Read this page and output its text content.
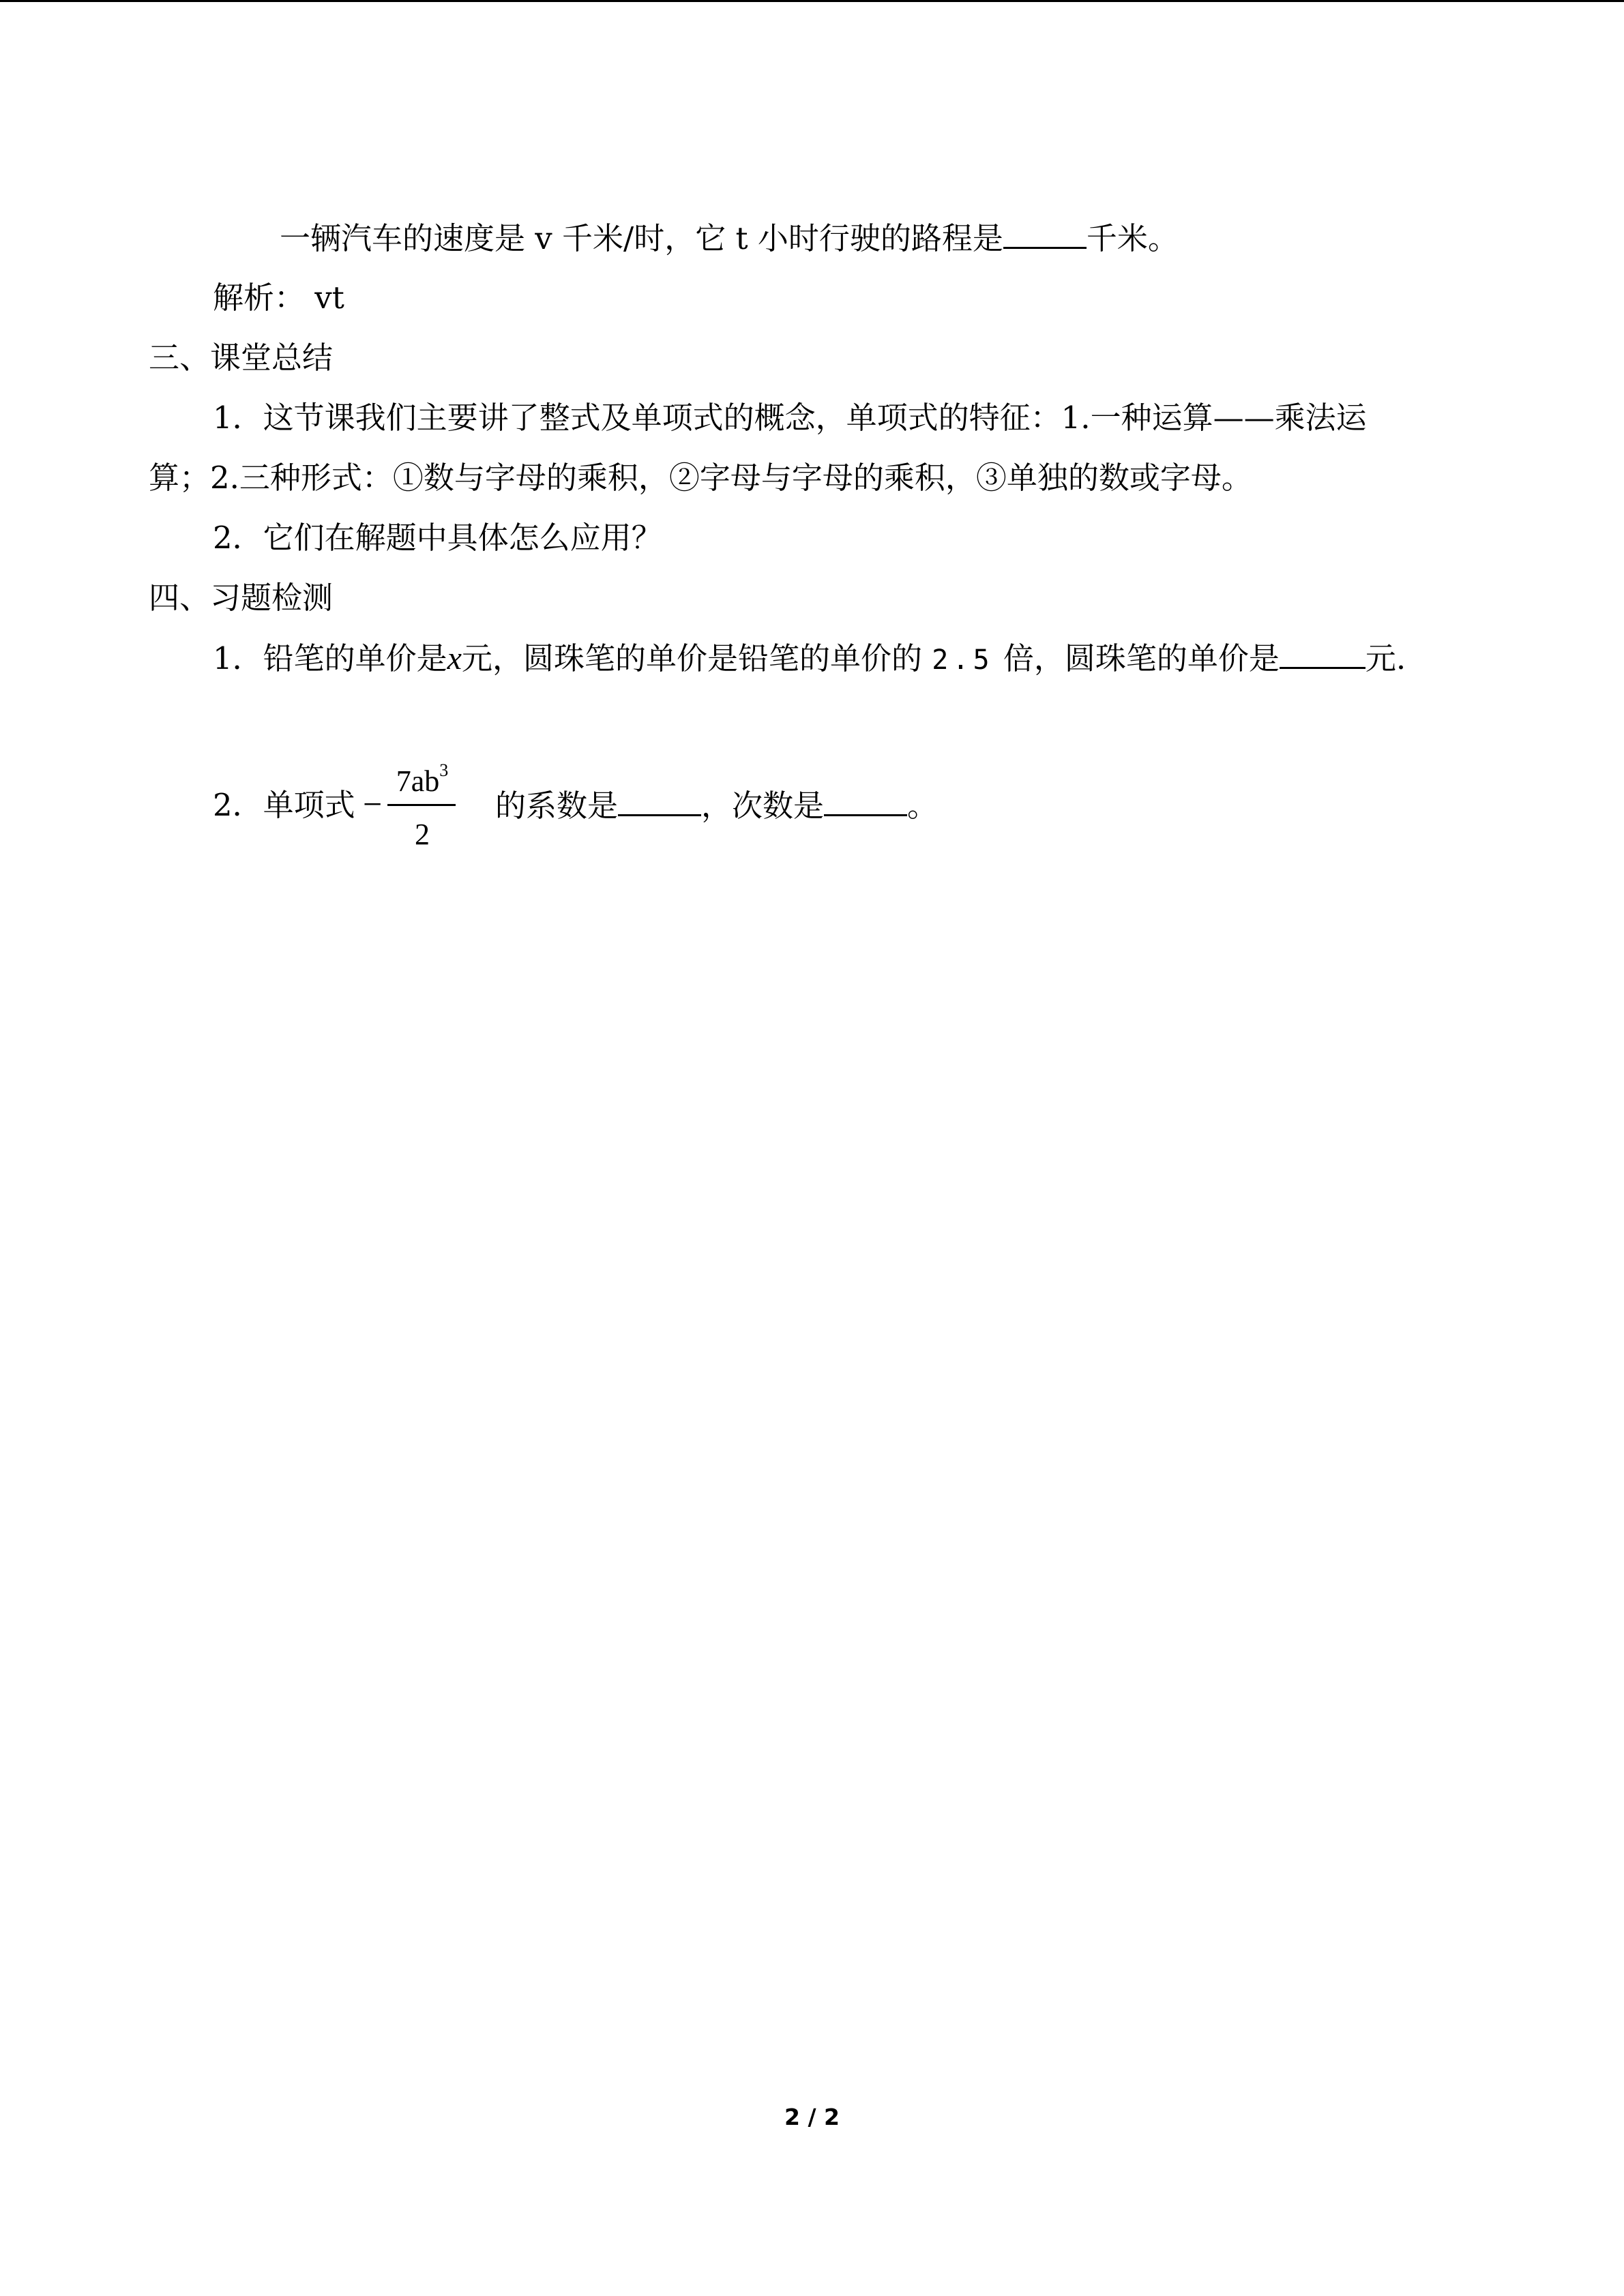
一辆汽车的速度是 v 千米/时，它 t 小时行驶的路程是	千米。
解析： vt
三、课堂总结
1．这节课我们主要讲了整式及单项式的概念，单项式的特征：1.一种运算——乘法运
算；2.三种形式：①数与字母的乘积，②字母与字母的乘积，③单独的数或字母。
2．它们在解题中具体怎么应用？
四、习题检测
1．铅笔的单价是x元，圆珠笔的单价是铅笔的单价的 2.5 倍，圆珠笔的单价是	元.
2．单项式 −
$7ab^3$
2
的系数是	，次数是	。
2 / 2
